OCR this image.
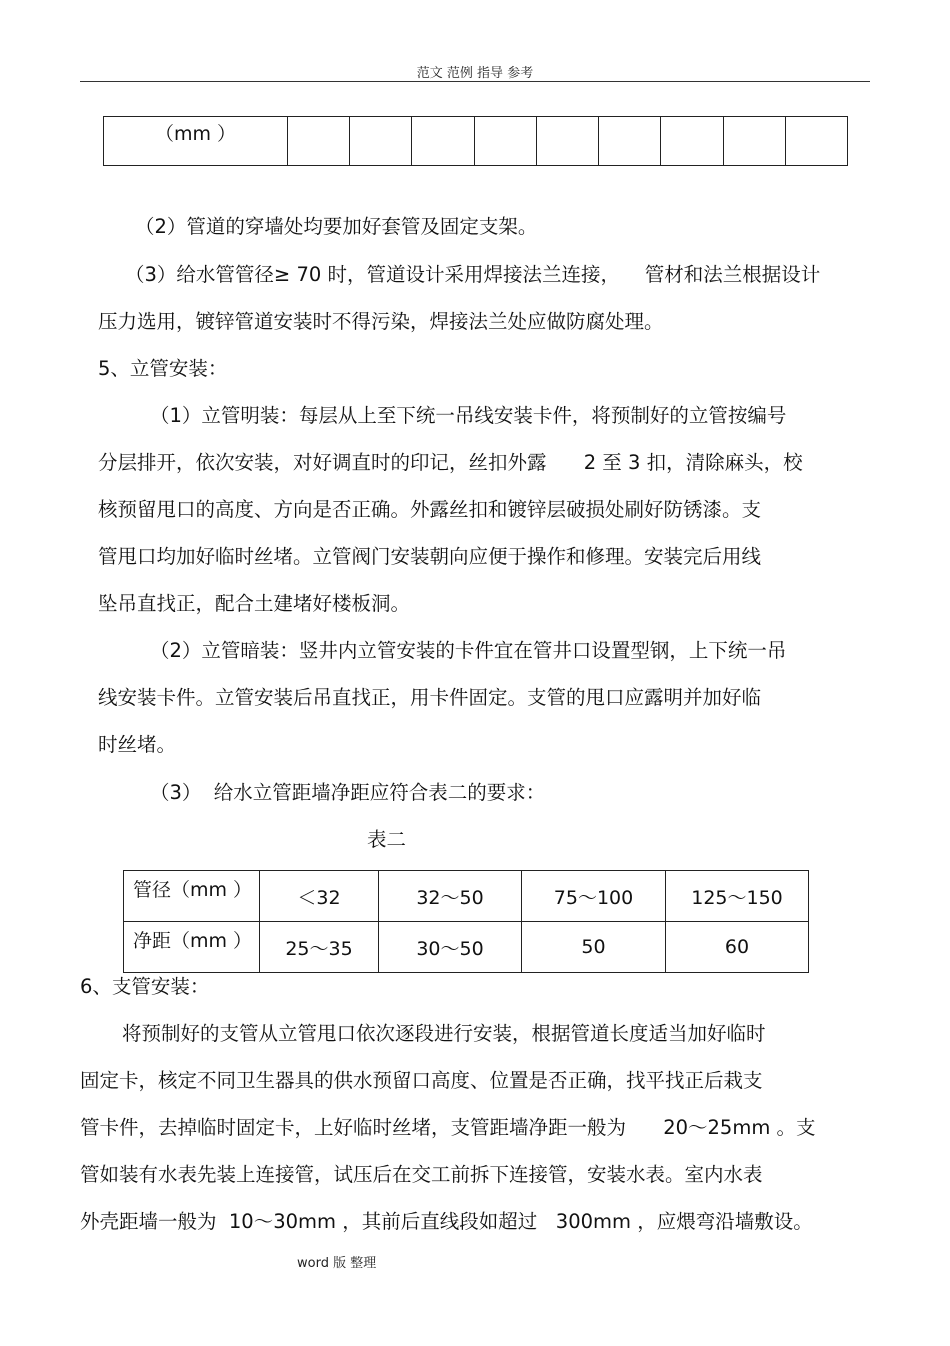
范文 范例 指导 参考
（mm ）									
（2）管道的穿墙处均要加好套管及固定支架。
（3）给水管管径≥ 70 时，管道设计采用焊接法兰连接，    管材和法兰根据设计
压力选用，镀锌管道安装时不得污染，焊接法兰处应做防腐处理。
5、立管安装：
（1）立管明装：每层从上至下统一吊线安装卡件，将预制好的立管按编号
分层排开，依次安装，对好调直时的印记，丝扣外露      2 至 3 扣，清除麻头，校
核预留甩口的高度、方向是否正确。外露丝扣和镀锌层破损处刷好防锈漆。支
管甩口均加好临时丝堵。立管阀门安装朝向应便于操作和修理。安装完后用线
坠吊直找正，配合土建堵好楼板洞。
（2）立管暗装：竖井内立管安装的卡件宜在管井口设置型钢，上下统一吊
线安装卡件。立管安装后吊直找正，用卡件固定。支管的甩口应露明并加好临
时丝堵。
（3）  给水立管距墙净距应符合表二的要求：
表二
管径（mm ）	＜32	32～50	75～100	125～150
净距（mm ）	25～35	30～50	50	60
6、支管安装：
将预制好的支管从立管甩口依次逐段进行安装，根据管道长度适当加好临时
固定卡，核定不同卫生器具的供水预留口高度、位置是否正确，找平找正后栽支
管卡件，去掉临时固定卡，上好临时丝堵，支管距墙净距一般为      20～25mm 。支
管如装有水表先装上连接管，试压后在交工前拆下连接管，安装水表。室内水表
外壳距墙一般为  10～30mm ，其前后直线段如超过   300mm ，应煨弯沿墙敷设。
word 版 整理
